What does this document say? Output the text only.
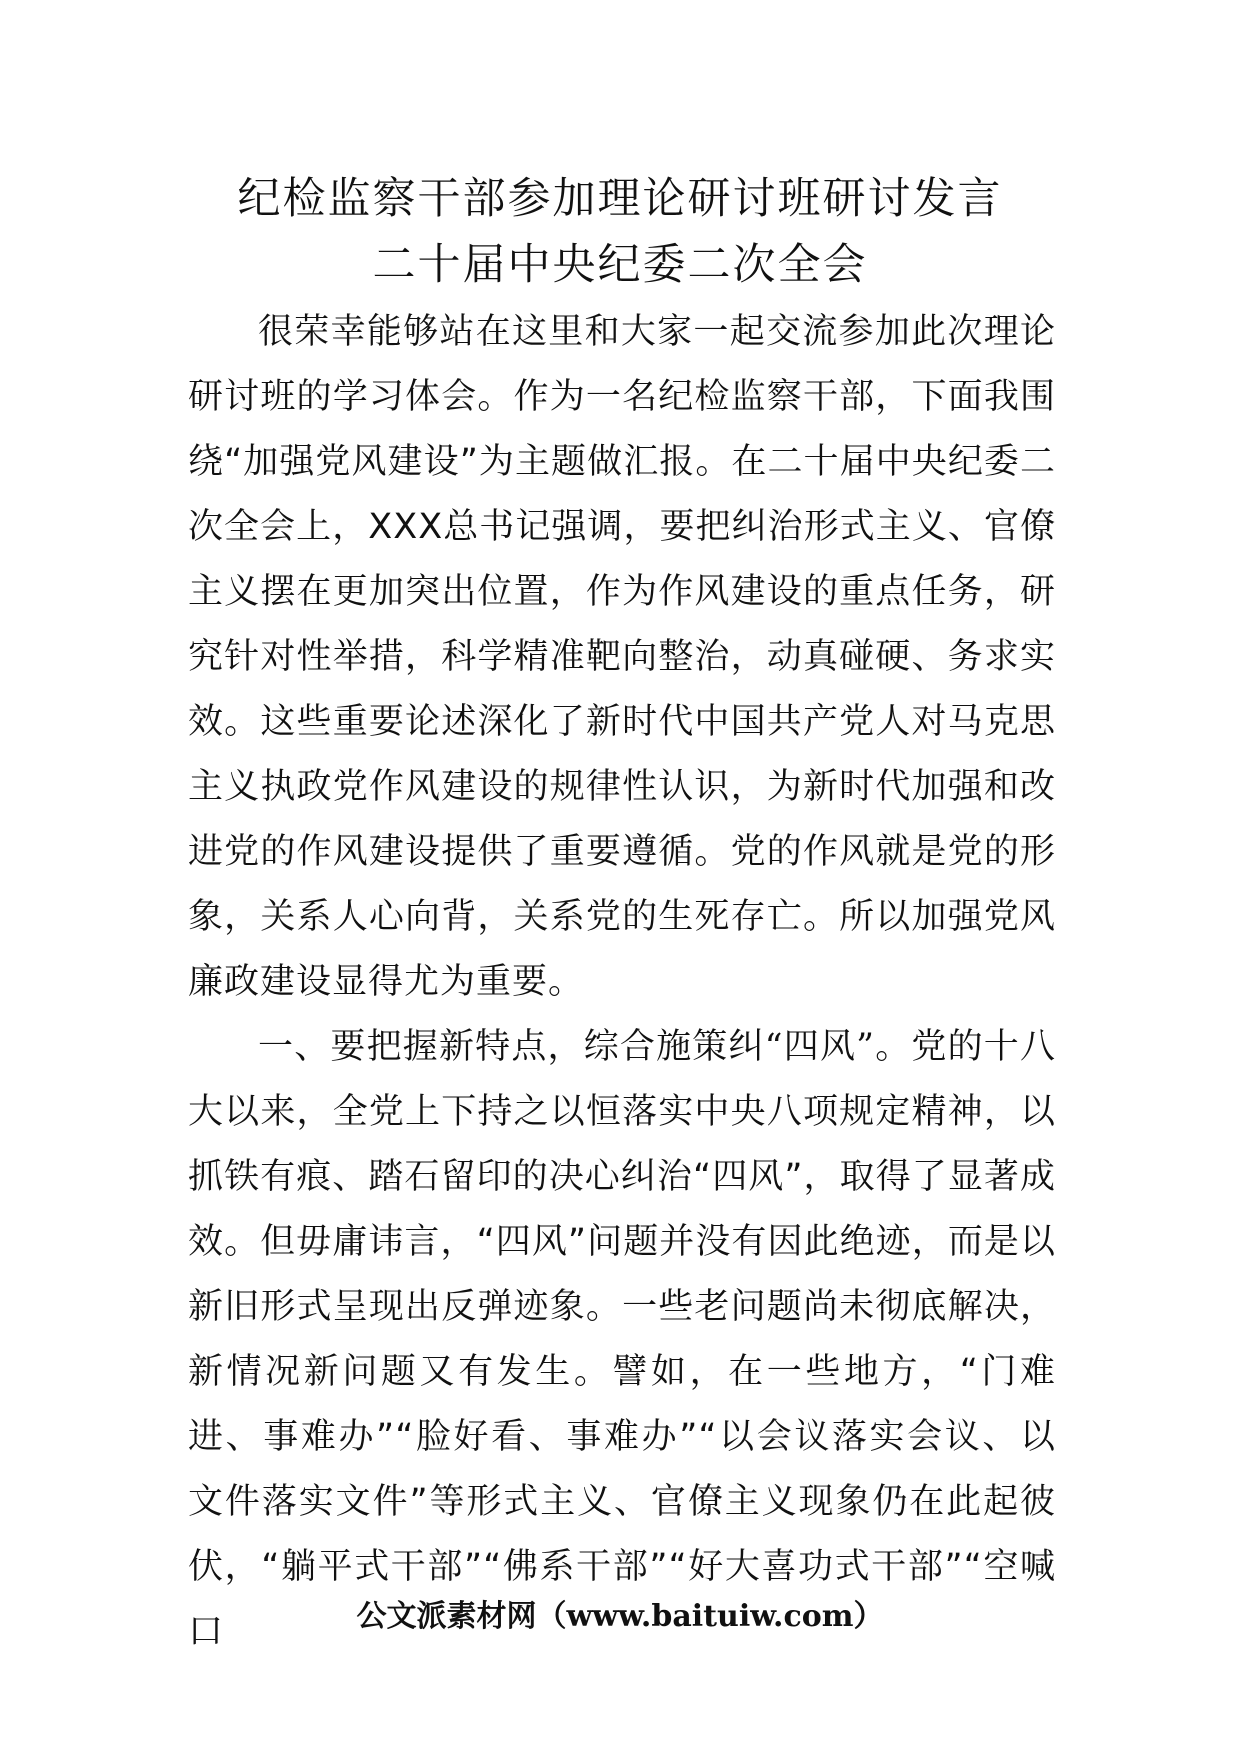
纪检监察干部参加理论研讨班研讨发言

二十届中央纪委二次全会

很荣幸能够站在这里和大家一起交流参加此次理论研讨班的学习体会。作为一名纪检监察干部，下面我围绕“加强党风建设”为主题做汇报。在二十届中央纪委二次全会上，XXX总书记强调，要把纠治形式主义、官僚主义摆在更加突出位置，作为作风建设的重点任务，研究针对性举措，科学精准靶向整治，动真碰硬、务求实效。这些重要论述深化了新时代中国共产党人对马克思主义执政党作风建设的规律性认识，为新时代加强和改进党的作风建设提供了重要遵循。党的作风就是党的形象，关系人心向背，关系党的生死存亡。所以加强党风廉政建设显得尤为重要。

一、要把握新特点，综合施策纠“四风”。党的十八大以来，全党上下持之以恒落实中央八项规定精神，以抓铁有痕、踏石留印的决心纠治“四风”，取得了显著成效。但毋庸讳言，“四风”问题并没有因此绝迹，而是以新旧形式呈现出反弹迹象。一些老问题尚未彻底解决，新情况新问题又有发生。譬如，在一些地方，“门难进、事难办”“脸好看、事难办”“以会议落实会议、以文件落实文件”等形式主义、官僚主义现象仍在此起彼伏，“躺平式干部”“佛系干部”“好大喜功式干部”“空喊口	公文派素材网（www.baituiw.com）
